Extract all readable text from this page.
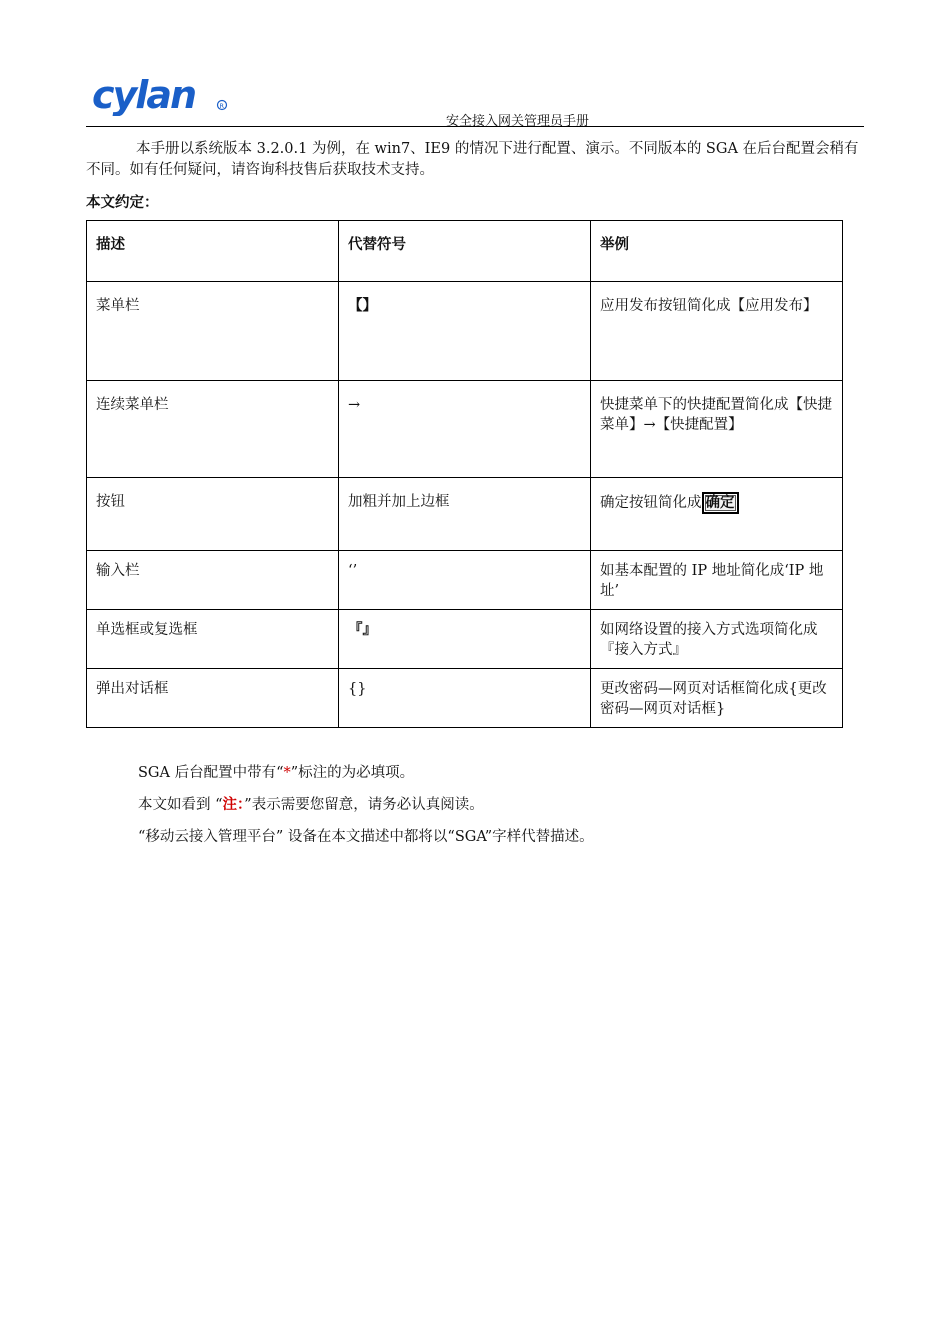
cylan	R
安全接入网关管理员手册
本手册以系统版本 3.2.0.1 为例，在 win7、IE9 的情况下进行配置、演示。不同版本的 SGA 在后台配置会稍有不同。如有任何疑问，请咨询科技售后获取技术支持。
本文约定：
描述	代替符号	举例
菜单栏	【】	应用发布按钮简化成【应用发布】
连续菜单栏	→	快捷菜单下的快捷配置简化成【快捷菜单】→【快捷配置】
按钮	加粗并加上边框	确定按钮简化成 确定
输入栏	‘’	如基本配置的 IP 地址简化成‘IP 地址’
单选框或复选框	『』	如网络设置的接入方式选项简化成『接入方式』
弹出对话框	{}	更改密码—网页对话框简化成{更改密码—网页对话框}
SGA 后台配置中带有“*”标注的为必填项。
本文如看到 “注：”表示需要您留意，请务必认真阅读。
“移动云接入管理平台” 设备在本文描述中都将以“SGA”字样代替描述。
